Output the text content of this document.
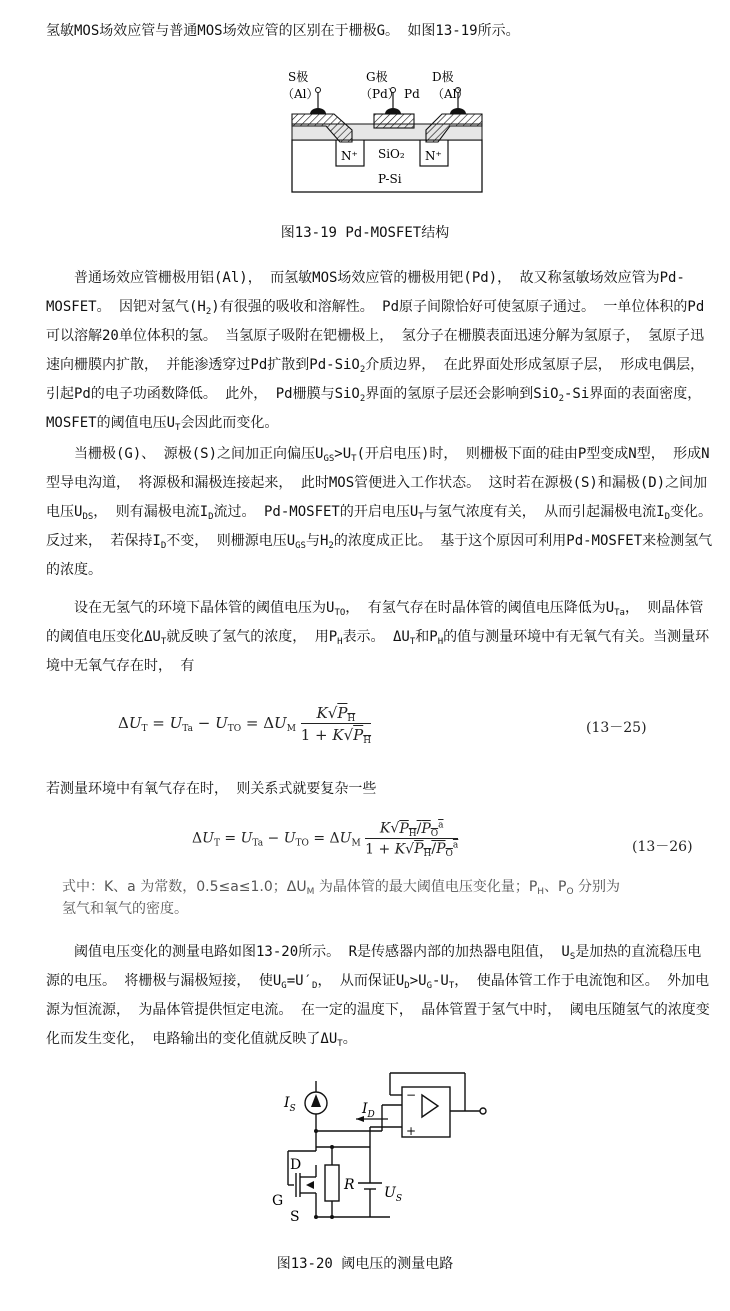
氢敏MOS场效应管与普通MOS场效应管的区别在于栅极G。 如图13-19所示。

S极
（Al）
G极
（Pd） Pd
D极
（Al）
N⁺	N⁺
SiO₂
P-Si
图13-19 Pd-MOSFET结构

　　普通场效应管栅极用铝(Al)， 而氢敏MOS场效应管的栅极用钯(Pd)， 故又称氢敏场效应管为Pd-MOSFET。 因钯对氢气$(H_2)$有很强的吸收和溶解性。 Pd原子间隙恰好可使氢原子通过。 一单位体积的Pd可以溶解20单位体积的氢。 当氢原子吸附在钯栅极上， 氢分子在栅膜表面迅速分解为氢原子， 氢原子迅速向栅膜内扩散， 并能渗透穿过Pd扩散到Pd-SiO$_2$介质边界， 在此界面处形成氢原子层， 形成电偶层， 引起Pd的电子功函数降低。 此外， Pd栅膜与SiO$_2$界面的氢原子层还会影响到SiO$_2$-Si界面的表面密度， MOSFET的阈值电压$U_T$会因此而变化。

　　当栅极(G)、 源极(S)之间加正向偏压$U_{GS}>U_T$(开启电压)时， 则栅极下面的硅由P型变成N型， 形成N型导电沟道， 将源极和漏极连接起来， 此时MOS管便进入工作状态。 这时若在源极(S)和漏极(D)之间加电压$U_{DS}$， 则有漏极电流$I_D$流过。 Pd-MOSFET的开启电压$U_T$与氢气浓度有关， 从而引起漏极电流$I_D$变化。 反过来， 若保持$I_D$不变， 则栅源电压$U_{GS}$与$H_2$的浓度成正比。 基于这个原因可利用Pd-MOSFET来检测氢气的浓度。

　　设在无氢气的环境下晶体管的阈值电压为$U_{TO}$， 有氢气存在时晶体管的阈值电压降低为$U_{Ta}$， 则晶体管的阈值电压变化$\Delta U_T$就反映了氢气的浓度， 用$P_H$表示。 $\Delta U_T$和$P_H$的值与测量环境中有无氧气有关。当测量环境中无氧气存在时， 有

$\Delta U_T = U_{Ta} - U_{TO} = \Delta U_M \frac{K√P_H}{1 + K√P_H}$	(13－25)

若测量环境中有氧气存在时， 则关系式就要复杂一些

$\Delta U_T = U_{Ta} - U_{TO} = \Delta U_M \frac{K√P_H/P_O^a}{1 + K√P_H/P_O^a}$	(13－26)
式中：K、a 为常数，0.5≤a≤1.0；$\Delta U_M$ 为晶体管的最大阈值电压变化量；$P_H$、$P_O$ 分别为
氢气和氧气的密度。

　　阈值电压变化的测量电路如图13-20所示。 R是传感器内部的加热器电阻值， $U_S$是加热的直流稳压电源的电压。 将栅极与漏极短接， 使$U_G=U'_D$， 从而保证$U_D>U_G-U_T$， 使晶体管工作于电流饱和区。 外加电源为恒流源， 为晶体管提供恒定电流。 在一定的温度下， 晶体管置于氢气中时， 阈电压随氢气的浓度变化而发生变化， 电路输出的变化值就反映了$\Delta U_T$。

$I_S$	$I_D$
D
G
S
R $U_S$
−
+
图13-20 阈电压的测量电路
